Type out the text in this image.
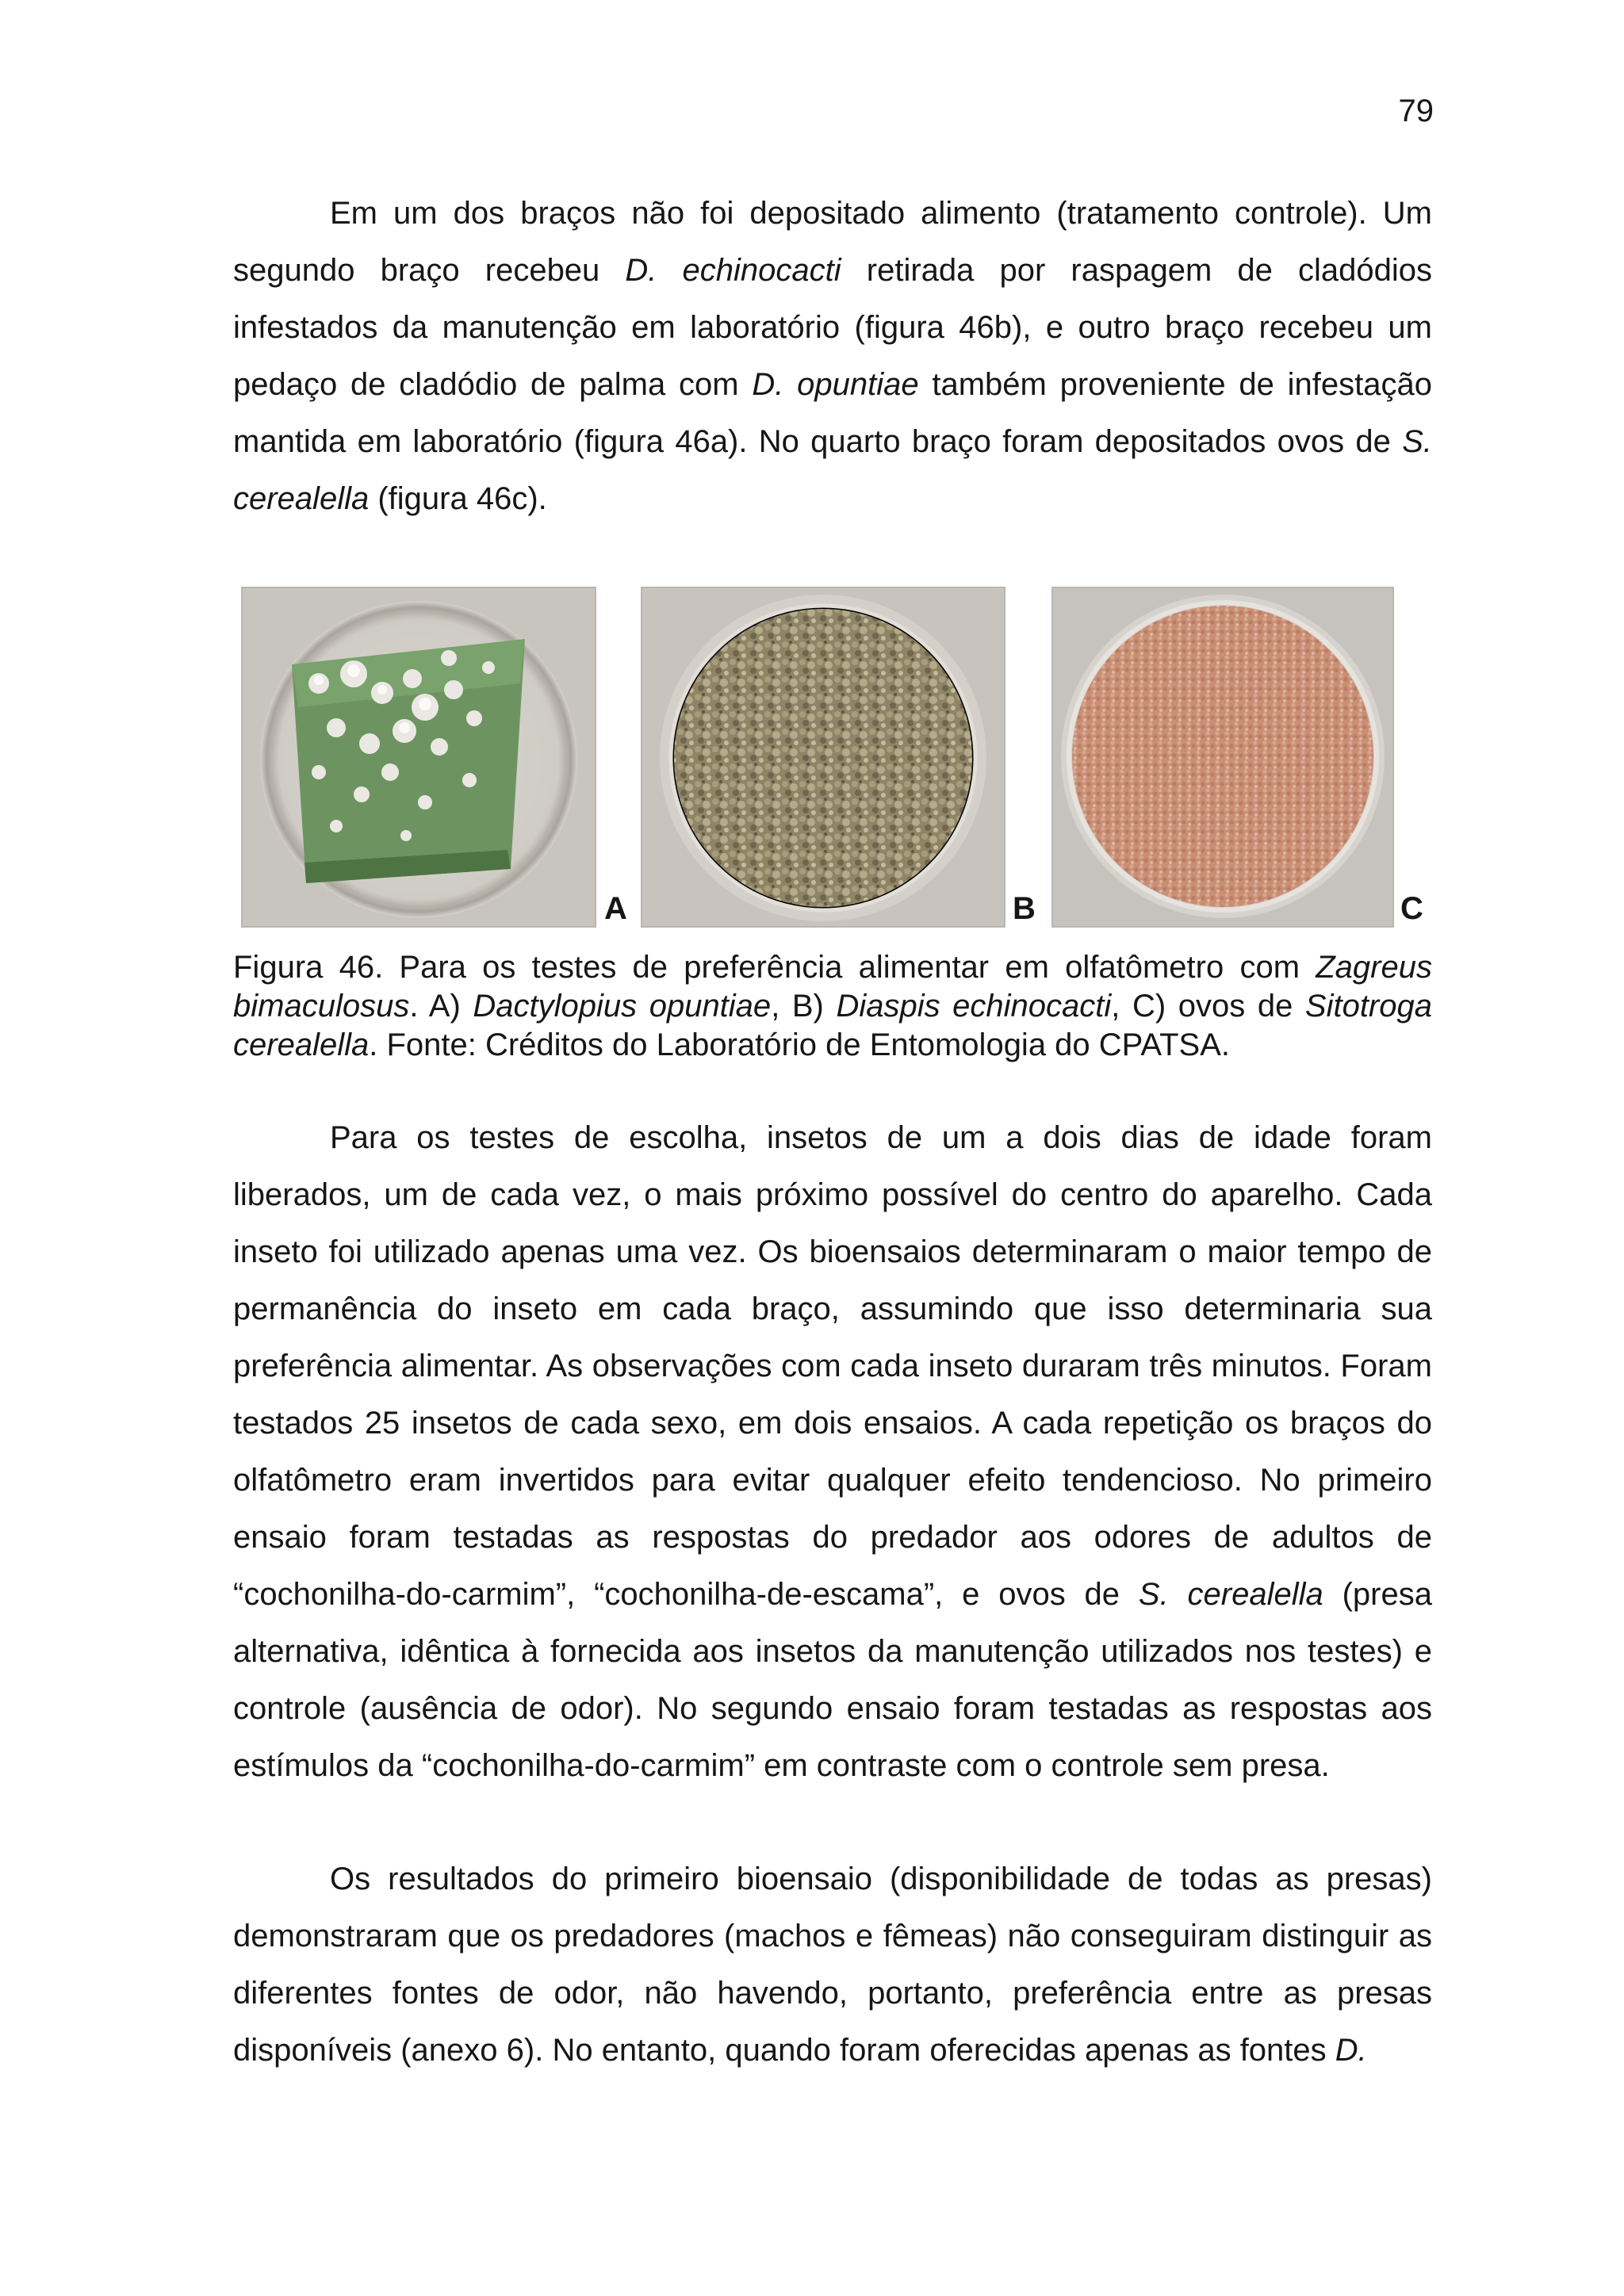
79

Em um dos braços não foi depositado alimento (tratamento controle). Um segundo braço recebeu D. echinocacti retirada por raspagem de cladódios infestados da manutenção em laboratório (figura 46b), e outro braço recebeu um pedaço de cladódio de palma com D. opuntiae também proveniente de infestação mantida em laboratório (figura 46a). No quarto braço foram depositados ovos de S. cerealella (figura 46c).

A	B	C

Figura 46. Para os testes de preferência alimentar em olfatômetro com Zagreus bimaculosus. A) Dactylopius opuntiae, B) Diaspis echinocacti, C) ovos de Sitotroga cerealella. Fonte: Créditos do Laboratório de Entomologia do CPATSA.

Para os testes de escolha, insetos de um a dois dias de idade foram liberados, um de cada vez, o mais próximo possível do centro do aparelho. Cada inseto foi utilizado apenas uma vez. Os bioensaios determinaram o maior tempo de permanência do inseto em cada braço, assumindo que isso determinaria sua preferência alimentar. As observações com cada inseto duraram três minutos. Foram testados 25 insetos de cada sexo, em dois ensaios. A cada repetição os braços do olfatômetro eram invertidos para evitar qualquer efeito tendencioso. No primeiro ensaio foram testadas as respostas do predador aos odores de adultos de “cochonilha-do-carmim”, “cochonilha-de-escama”, e ovos de S. cerealella (presa alternativa, idêntica à fornecida aos insetos da manutenção utilizados nos testes) e controle (ausência de odor). No segundo ensaio foram testadas as respostas aos estímulos da “cochonilha-do-carmim” em contraste com o controle sem presa.

Os resultados do primeiro bioensaio (disponibilidade de todas as presas) demonstraram que os predadores (machos e fêmeas) não conseguiram distinguir as diferentes fontes de odor, não havendo, portanto, preferência entre as presas disponíveis (anexo 6). No entanto, quando foram oferecidas apenas as fontes D.
